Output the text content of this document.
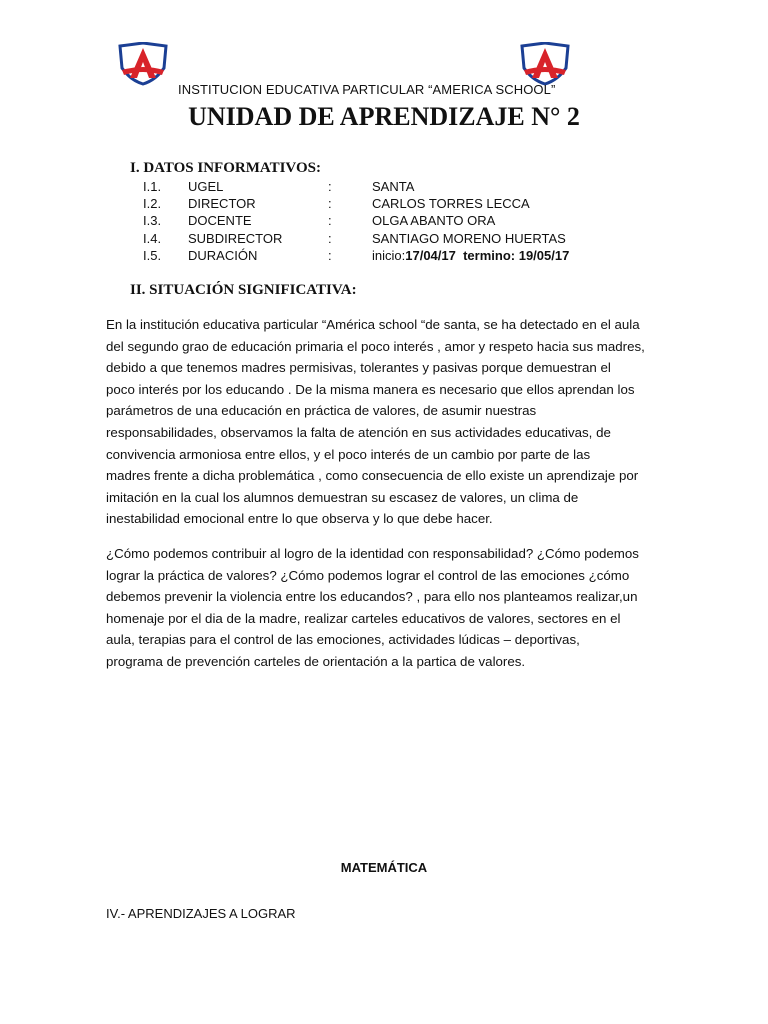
INSTITUCION EDUCATIVA PARTICULAR “AMERICA SCHOOL”
UNIDAD DE APRENDIZAJE N° 2
I. DATOS INFORMATIVOS:
I.1. UGEL	:	SANTA
I.2. DIRECTOR	:	CARLOS TORRES LECCA
I.3. DOCENTE	:	OLGA ABANTO ORA
I.4. SUBDIRECTOR	:	SANTIAGO MORENO HUERTAS
I.5. DURACIÓN	:	inicio:17/04/17 termino: 19/05/17
II. SITUACIÓN SIGNIFICATIVA:
En la institución educativa particular “América school “de santa, se ha detectado en el aula
del segundo grao de educación primaria el poco interés , amor y respeto hacia sus madres,
debido a que tenemos madres permisivas, tolerantes y pasivas porque demuestran el
poco interés por los educando . De la misma manera es necesario que ellos aprendan los
parámetros de una educación en práctica de valores, de asumir nuestras
responsabilidades, observamos la falta de atención en sus actividades educativas, de
convivencia armoniosa entre ellos, y el poco interés de un cambio por parte de las
madres frente a dicha problemática , como consecuencia de ello existe un aprendizaje por
imitación en la cual los alumnos demuestran su escasez de valores, un clima de
inestabilidad emocional entre lo que observa y lo que debe hacer.
¿Cómo podemos contribuir al logro de la identidad con responsabilidad? ¿Cómo podemos
lograr la práctica de valores? ¿Cómo podemos lograr el control de las emociones ¿cómo
debemos prevenir la violencia entre los educandos? , para ello nos planteamos realizar,un
homenaje por el dia de la madre, realizar carteles educativos de valores, sectores en el
aula, terapias para el control de las emociones, actividades lúdicas – deportivas,
programa de prevención carteles de orientación a la partica de valores.
MATEMÁTICA
IV.- APRENDIZAJES A LOGRAR
